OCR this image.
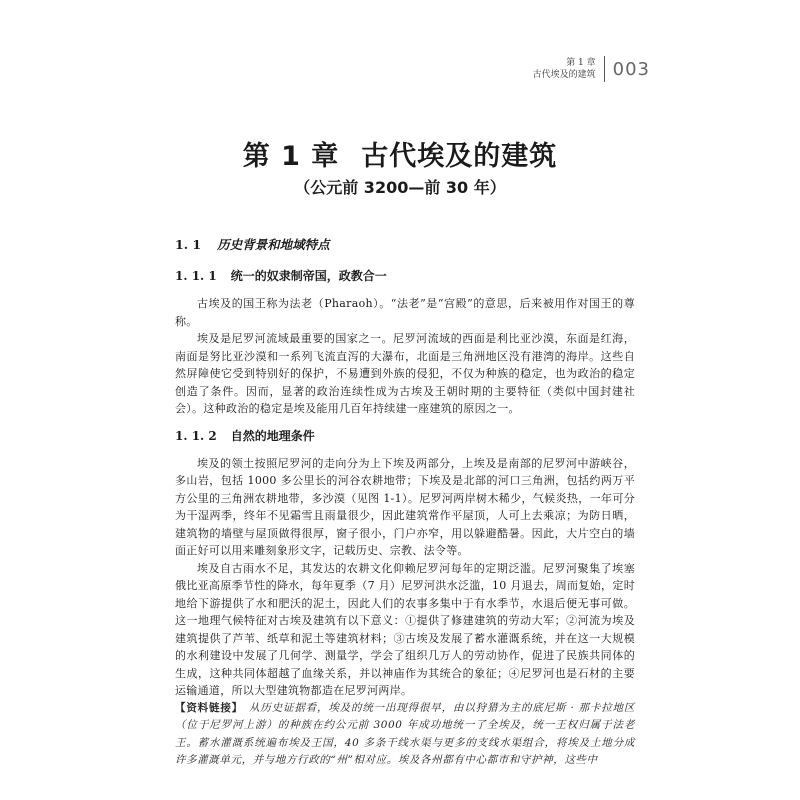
第 1 章
古代埃及的建筑 003
第 1 章 古代埃及的建筑
（公元前 3200—前 30 年）
1. 1 历史背景和地域特点
1. 1. 1 统一的奴隶制帝国，政教合一

古埃及的国王称为法老（Pharaoh）。“法老”是“宫殿”的意思，后来被用作对国王的尊称。

埃及是尼罗河流域最重要的国家之一。尼罗河流域的西面是利比亚沙漠，东面是红海，南面是努比亚沙漠和一系列飞流直泻的大瀑布，北面是三角洲地区没有港湾的海岸。这些自然屏障使它受到特别好的保护，不易遭到外族的侵犯，不仅为种族的稳定，也为政治的稳定创造了条件。因而，显著的政治连续性成为古埃及王朝时期的主要特征（类似中国封建社会）。这种政治的稳定是埃及能用几百年持续建一座建筑的原因之一。

1. 1. 2 自然的地理条件

埃及的领土按照尼罗河的走向分为上下埃及两部分，上埃及是南部的尼罗河中游峡谷，多山岩，包括 1000 多公里长的河谷农耕地带；下埃及是北部的河口三角洲，包括约两万平方公里的三角洲农耕地带，多沙漠（见图 1-1）。尼罗河两岸树木稀少，气候炎热，一年可分为干湿两季，终年不见霜雪且雨量很少，因此建筑常作平屋顶，人可上去乘凉；为防日晒，建筑物的墙壁与屋顶做得很厚，窗子很小，门户亦窄，用以躲避酷暑。因此，大片空白的墙面正好可以用来雕刻象形文字，记载历史、宗教、法令等。

埃及自古雨水不足，其发达的农耕文化仰赖尼罗河每年的定期泛滥。尼罗河聚集了埃塞俄比亚高原季节性的降水，每年夏季（7 月）尼罗河洪水泛滥，10 月退去，周而复始，定时地给下游提供了水和肥沃的泥土，因此人们的农事多集中于有水季节，水退后便无事可做。这一地理气候特征对古埃及建筑有以下意义：①提供了修建建筑的劳动大军；②河流为埃及建筑提供了芦苇、纸草和泥土等建筑材料；③古埃及发展了蓄水灌溉系统，并在这一大规模的水利建设中发展了几何学、测量学，学会了组织几万人的劳动协作，促进了民族共同体的生成，这种共同体超越了血缘关系，并以神庙作为其统合的象征；④尼罗河也是石材的主要运输通道，所以大型建筑物都造在尼罗河两岸。

【资料链接】 从历史证据看，埃及的统一出现得很早，由以狩猎为主的底尼斯 · 那卡拉地区（位于尼罗河上游）的种族在约公元前 3000 年成功地统一了全埃及，统一王权归属于法老王。蓄水灌溉系统遍布埃及王国，40 多条干线水渠与更多的支线水渠组合，将埃及土地分成许多灌溉单元，并与地方行政的“州”相对应。埃及各州都有中心都市和守护神，这些中
